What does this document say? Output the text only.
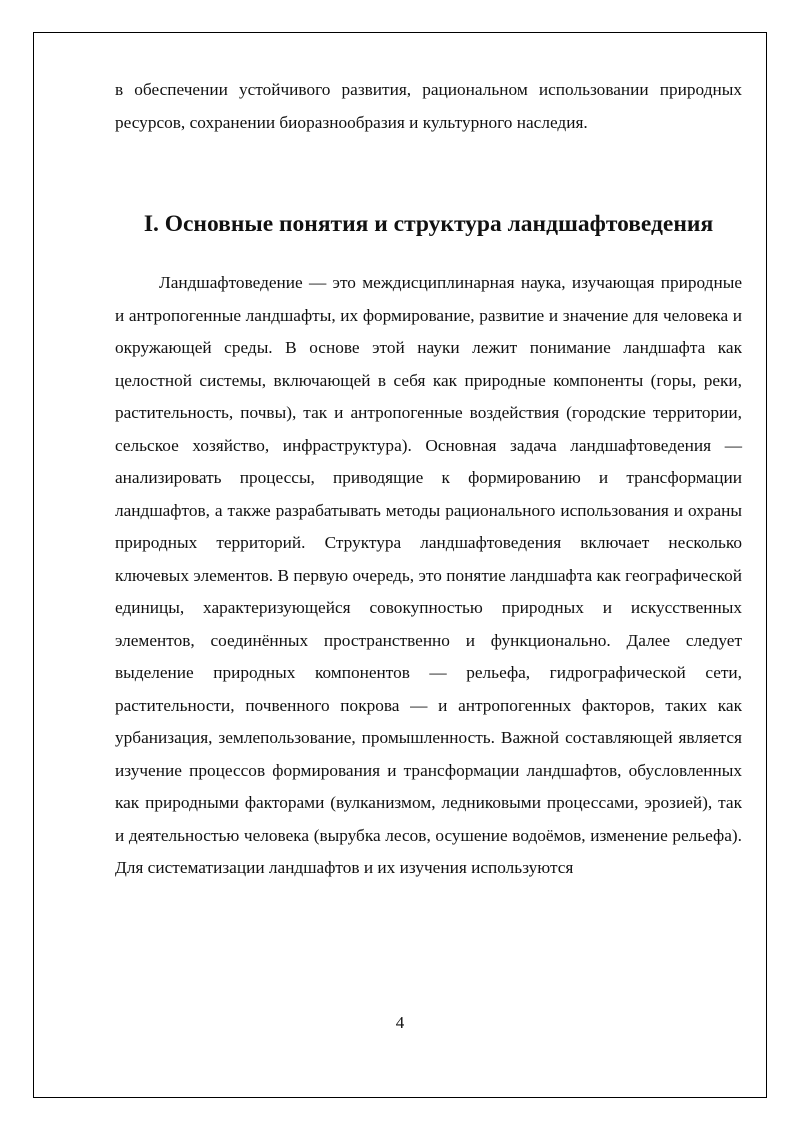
в обеспечении устойчивого развития, рациональном использовании природных ресурсов, сохранении биоразнообразия и культурного наследия.

I. Основные понятия и структура ландшафтоведения

Ландшафтоведение — это междисциплинарная наука, изучающая природные и антропогенные ландшафты, их формирование, развитие и значение для человека и окружающей среды. В основе этой науки лежит понимание ландшафта как целостной системы, включающей в себя как природные компоненты (горы, реки, растительность, почвы), так и антропогенные воздействия (городские территории, сельское хозяйство, инфраструктура). Основная задача ландшафтоведения — анализировать процессы, приводящие к формированию и трансформации ландшафтов, а также разрабатывать методы рационального использования и охраны природных территорий. Структура ландшафтоведения включает несколько ключевых элементов. В первую очередь, это понятие ландшафта как географической единицы, характеризующейся совокупностью природных и искусственных элементов, соединённых пространственно и функционально. Далее следует выделение природных компонентов — рельефа, гидрографической сети, растительности, почвенного покрова — и антропогенных факторов, таких как урбанизация, землепользование, промышленность. Важной составляющей является изучение процессов формирования и трансформации ландшафтов, обусловленных как природными факторами (вулканизмом, ледниковыми процессами, эрозией), так и деятельностью человека (вырубка лесов, осушение водоёмов, изменение рельефа). Для систематизации ландшафтов и их изучения используются

4
